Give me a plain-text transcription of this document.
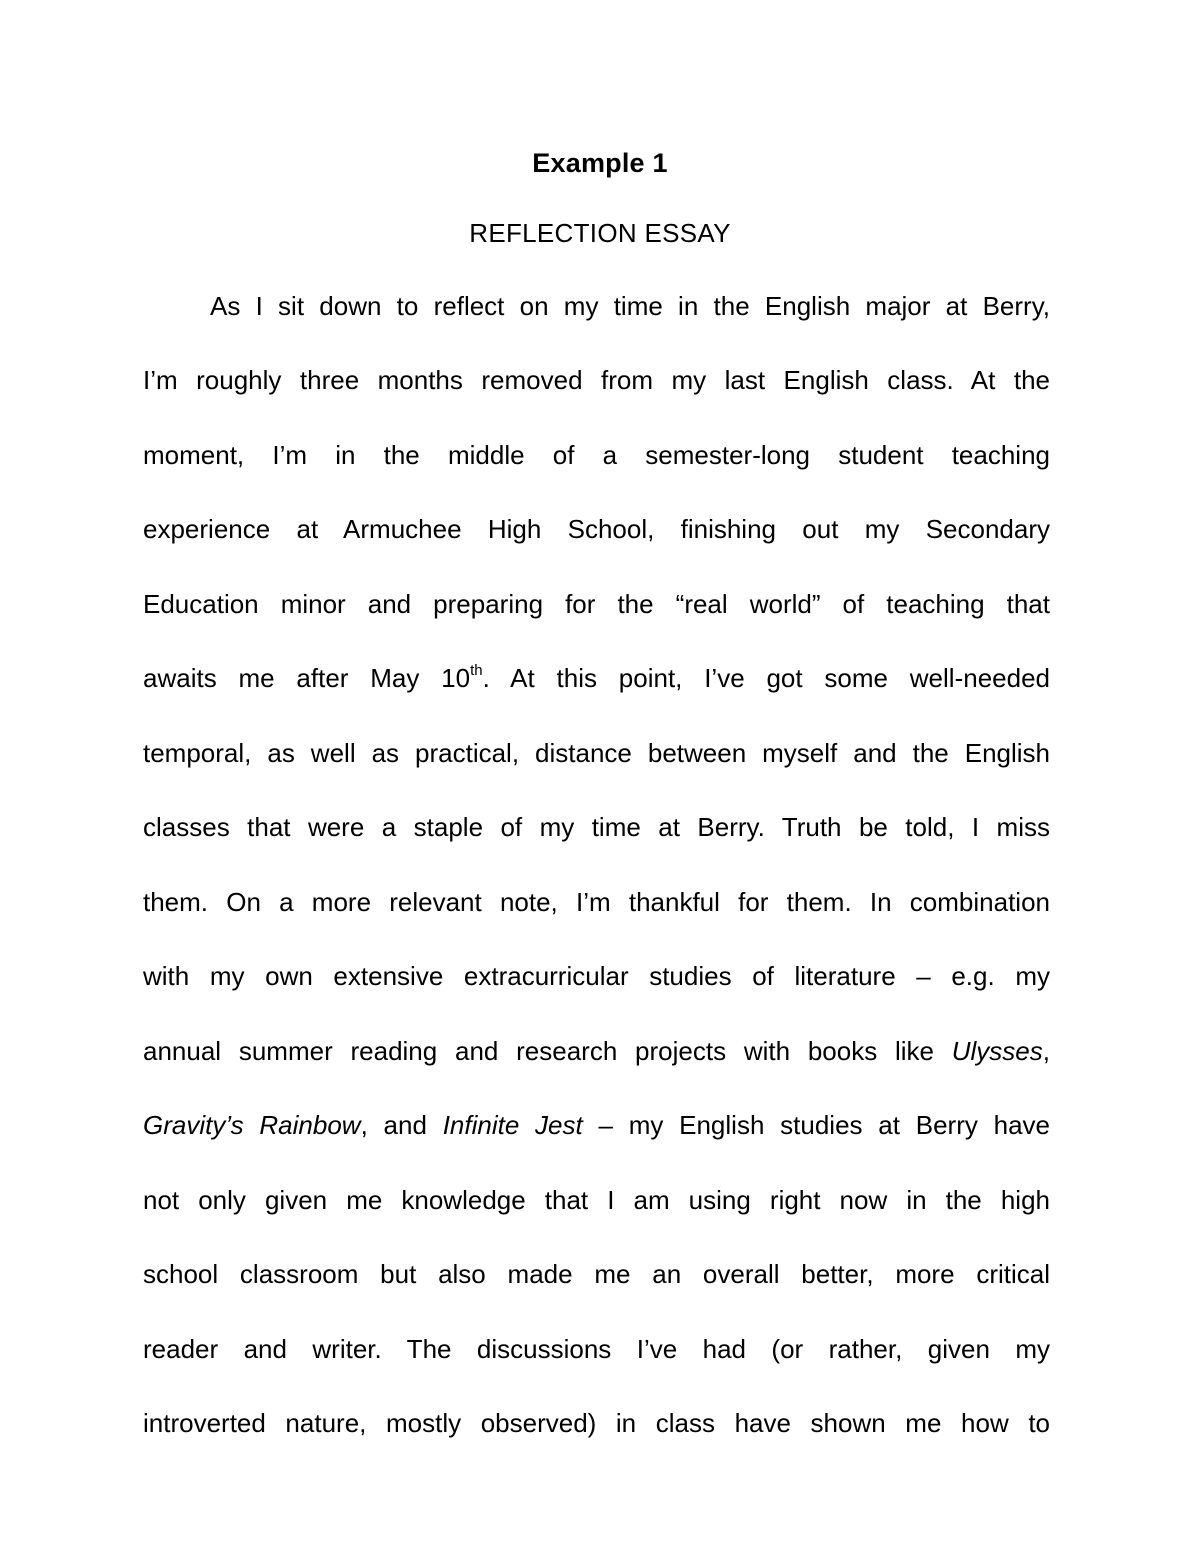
Example 1
REFLECTION ESSAY
As I sit down to reflect on my time in the English major at Berry,
I’m roughly three months removed from my last English class. At the
moment, I’m in the middle of a semester-long student teaching
experience at Armuchee High School, finishing out my Secondary
Education minor and preparing for the “real world” of teaching that
awaits me after May 10th. At this point, I’ve got some well-needed
temporal, as well as practical, distance between myself and the English
classes that were a staple of my time at Berry. Truth be told, I miss
them. On a more relevant note, I’m thankful for them. In combination
with my own extensive extracurricular studies of literature – e.g. my
annual summer reading and research projects with books like Ulysses,
Gravity’s Rainbow, and Infinite Jest – my English studies at Berry have
not only given me knowledge that I am using right now in the high
school classroom but also made me an overall better, more critical
reader and writer. The discussions I’ve had (or rather, given my
introverted nature, mostly observed) in class have shown me how to
